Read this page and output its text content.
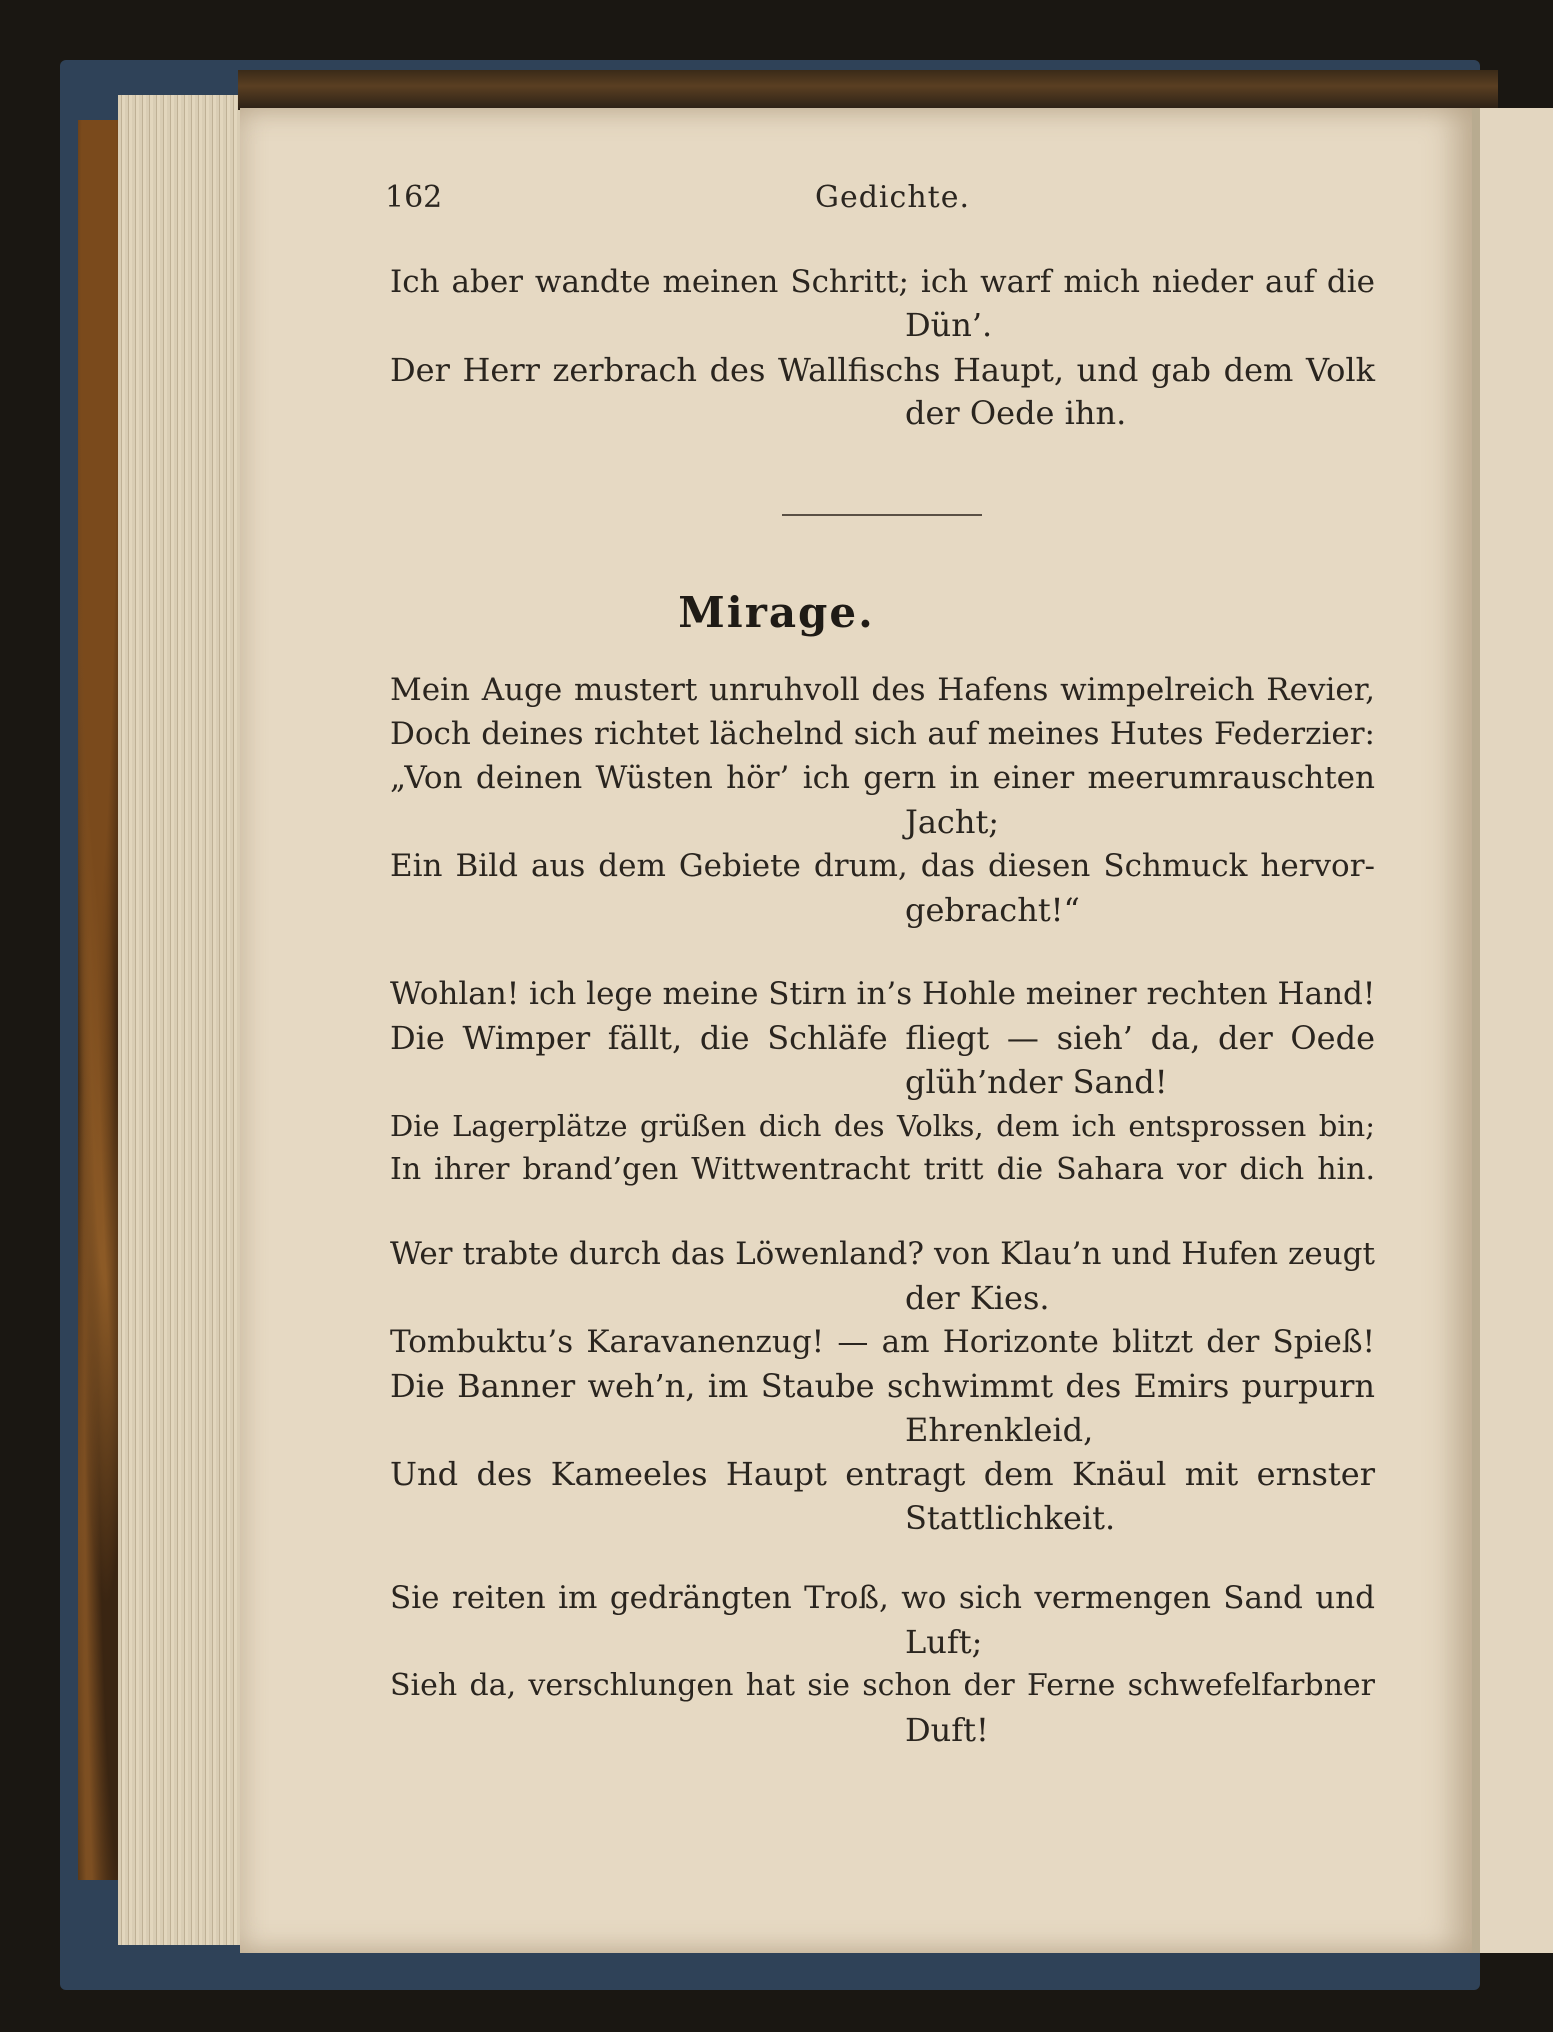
162	Gedichte.
Ich aber wandte meinen Schritt; ich warf mich nieder auf die
Dün’.
Der Herr zerbrach des Wallfischs Haupt, und gab dem Volk
der Oede ihn.
Mirage.
Mein Auge mustert unruhvoll des Hafens wimpelreich Revier,
Doch deines richtet lächelnd sich auf meines Hutes Federzier:
„Von deinen Wüsten hör’ ich gern in einer meerumrauschten
Jacht;
Ein Bild aus dem Gebiete drum, das diesen Schmuck hervor-
gebracht!“
Wohlan! ich lege meine Stirn in’s Hohle meiner rechten Hand!
Die Wimper fällt, die Schläfe fliegt — sieh’ da, der Oede
glüh’nder Sand!
Die Lagerplätze grüßen dich des Volks, dem ich entsprossen bin;
In ihrer brand’gen Wittwentracht tritt die Sahara vor dich hin.
Wer trabte durch das Löwenland? von Klau’n und Hufen zeugt
der Kies.
Tombuktu’s Karavanenzug! — am Horizonte blitzt der Spieß!
Die Banner weh’n, im Staube schwimmt des Emirs purpurn
Ehrenkleid,
Und des Kameeles Haupt entragt dem Knäul mit ernster
Stattlichkeit.
Sie reiten im gedrängten Troß, wo sich vermengen Sand und
Luft;
Sieh da, verschlungen hat sie schon der Ferne schwefelfarbner
Duft!
